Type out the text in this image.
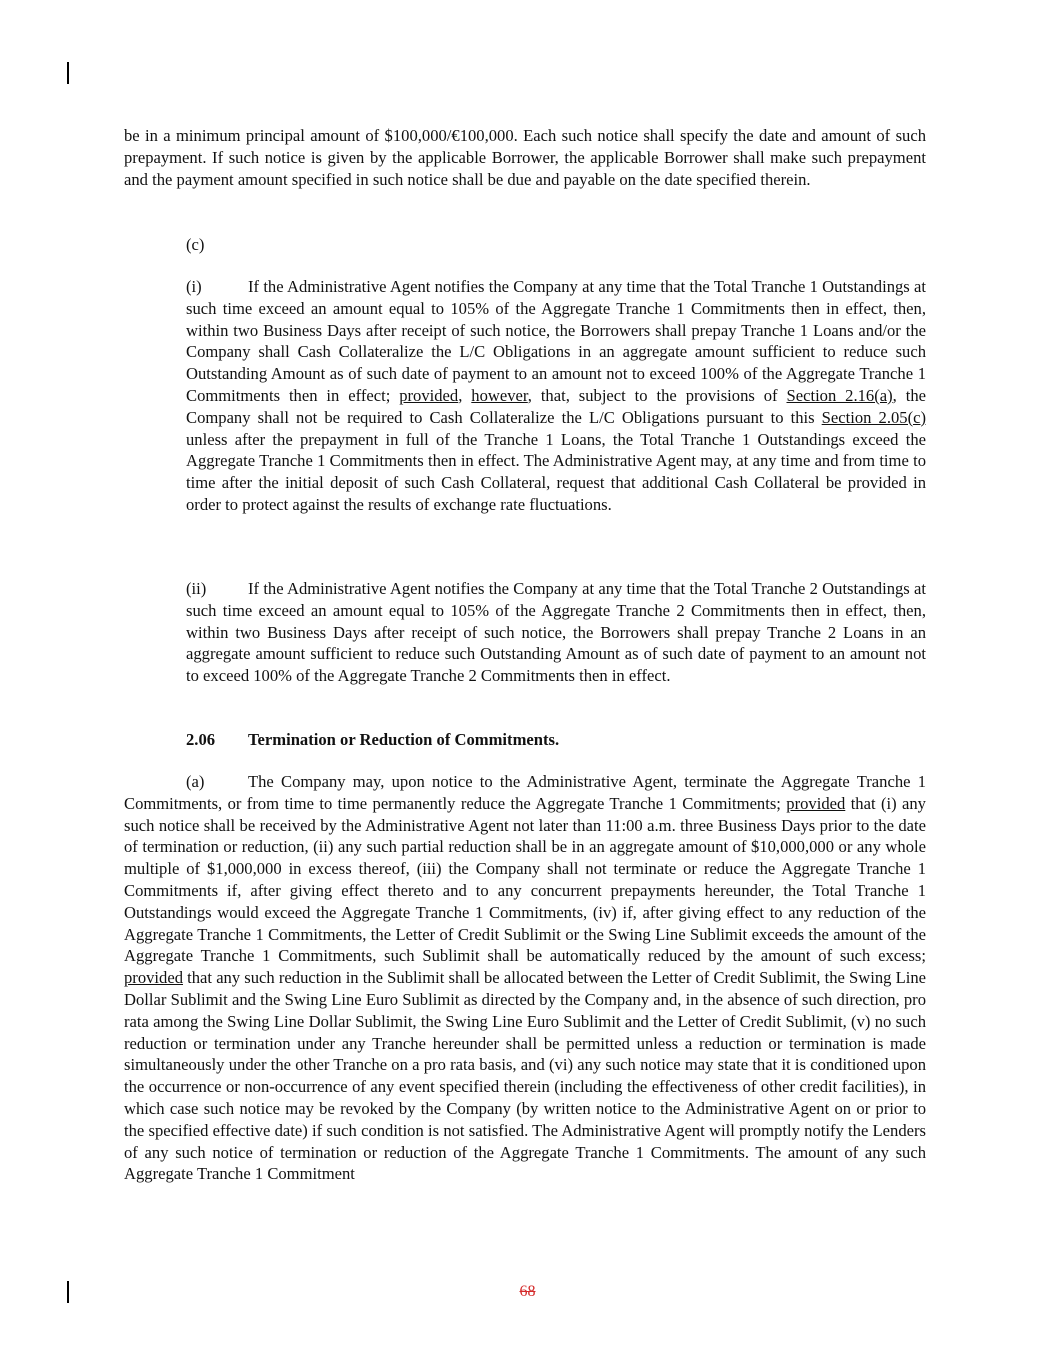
be in a minimum principal amount of $100,000/€100,000. Each such notice shall specify the date and amount of such prepayment. If such notice is given by the applicable Borrower, the applicable Borrower shall make such prepayment and the payment amount specified in such notice shall be due and payable on the date specified therein.

(c)

(i)	If the Administrative Agent notifies the Company at any time that the Total Tranche 1 Outstandings at such time exceed an amount equal to 105% of the Aggregate Tranche 1 Commitments then in effect, then, within two Business Days after receipt of such notice, the Borrowers shall prepay Tranche 1 Loans and/or the Company shall Cash Collateralize the L/C Obligations in an aggregate amount sufficient to reduce such Outstanding Amount as of such date of payment to an amount not to exceed 100% of the Aggregate Tranche 1 Commitments then in effect; provided, however, that, subject to the provisions of Section 2.16(a), the Company shall not be required to Cash Collateralize the L/C Obligations pursuant to this Section 2.05(c) unless after the prepayment in full of the Tranche 1 Loans, the Total Tranche 1 Outstandings exceed the Aggregate Tranche 1 Commitments then in effect. The Administrative Agent may, at any time and from time to time after the initial deposit of such Cash Collateral, request that additional Cash Collateral be provided in order to protect against the results of exchange rate fluctuations.

(ii)	If the Administrative Agent notifies the Company at any time that the Total Tranche 2 Outstandings at such time exceed an amount equal to 105% of the Aggregate Tranche 2 Commitments then in effect, then, within two Business Days after receipt of such notice, the Borrowers shall prepay Tranche 2 Loans in an aggregate amount sufficient to reduce such Outstanding Amount as of such date of payment to an amount not to exceed 100% of the Aggregate Tranche 2 Commitments then in effect.

2.06 Termination or Reduction of Commitments.

(a)	The Company may, upon notice to the Administrative Agent, terminate the Aggregate Tranche 1 Commitments, or from time to time permanently reduce the Aggregate Tranche 1 Commitments; provided that (i) any such notice shall be received by the Administrative Agent not later than 11:00 a.m. three Business Days prior to the date of termination or reduction, (ii) any such partial reduction shall be in an aggregate amount of $10,000,000 or any whole multiple of $1,000,000 in excess thereof, (iii) the Company shall not terminate or reduce the Aggregate Tranche 1 Commitments if, after giving effect thereto and to any concurrent prepayments hereunder, the Total Tranche 1 Outstandings would exceed the Aggregate Tranche 1 Commitments, (iv) if, after giving effect to any reduction of the Aggregate Tranche 1 Commitments, the Letter of Credit Sublimit or the Swing Line Sublimit exceeds the amount of the Aggregate Tranche 1 Commitments, such Sublimit shall be automatically reduced by the amount of such excess; provided that any such reduction in the Sublimit shall be allocated between the Letter of Credit Sublimit, the Swing Line Dollar Sublimit and the Swing Line Euro Sublimit as directed by the Company and, in the absence of such direction, pro rata among the Swing Line Dollar Sublimit, the Swing Line Euro Sublimit and the Letter of Credit Sublimit, (v) no such reduction or termination under any Tranche hereunder shall be permitted unless a reduction or termination is made simultaneously under the other Tranche on a pro rata basis, and (vi) any such notice may state that it is conditioned upon the occurrence or non-occurrence of any event specified therein (including the effectiveness of other credit facilities), in which case such notice may be revoked by the Company (by written notice to the Administrative Agent on or prior to the specified effective date) if such condition is not satisfied. The Administrative Agent will promptly notify the Lenders of any such notice of termination or reduction of the Aggregate Tranche 1 Commitments. The amount of any such Aggregate Tranche 1 Commitment

68
